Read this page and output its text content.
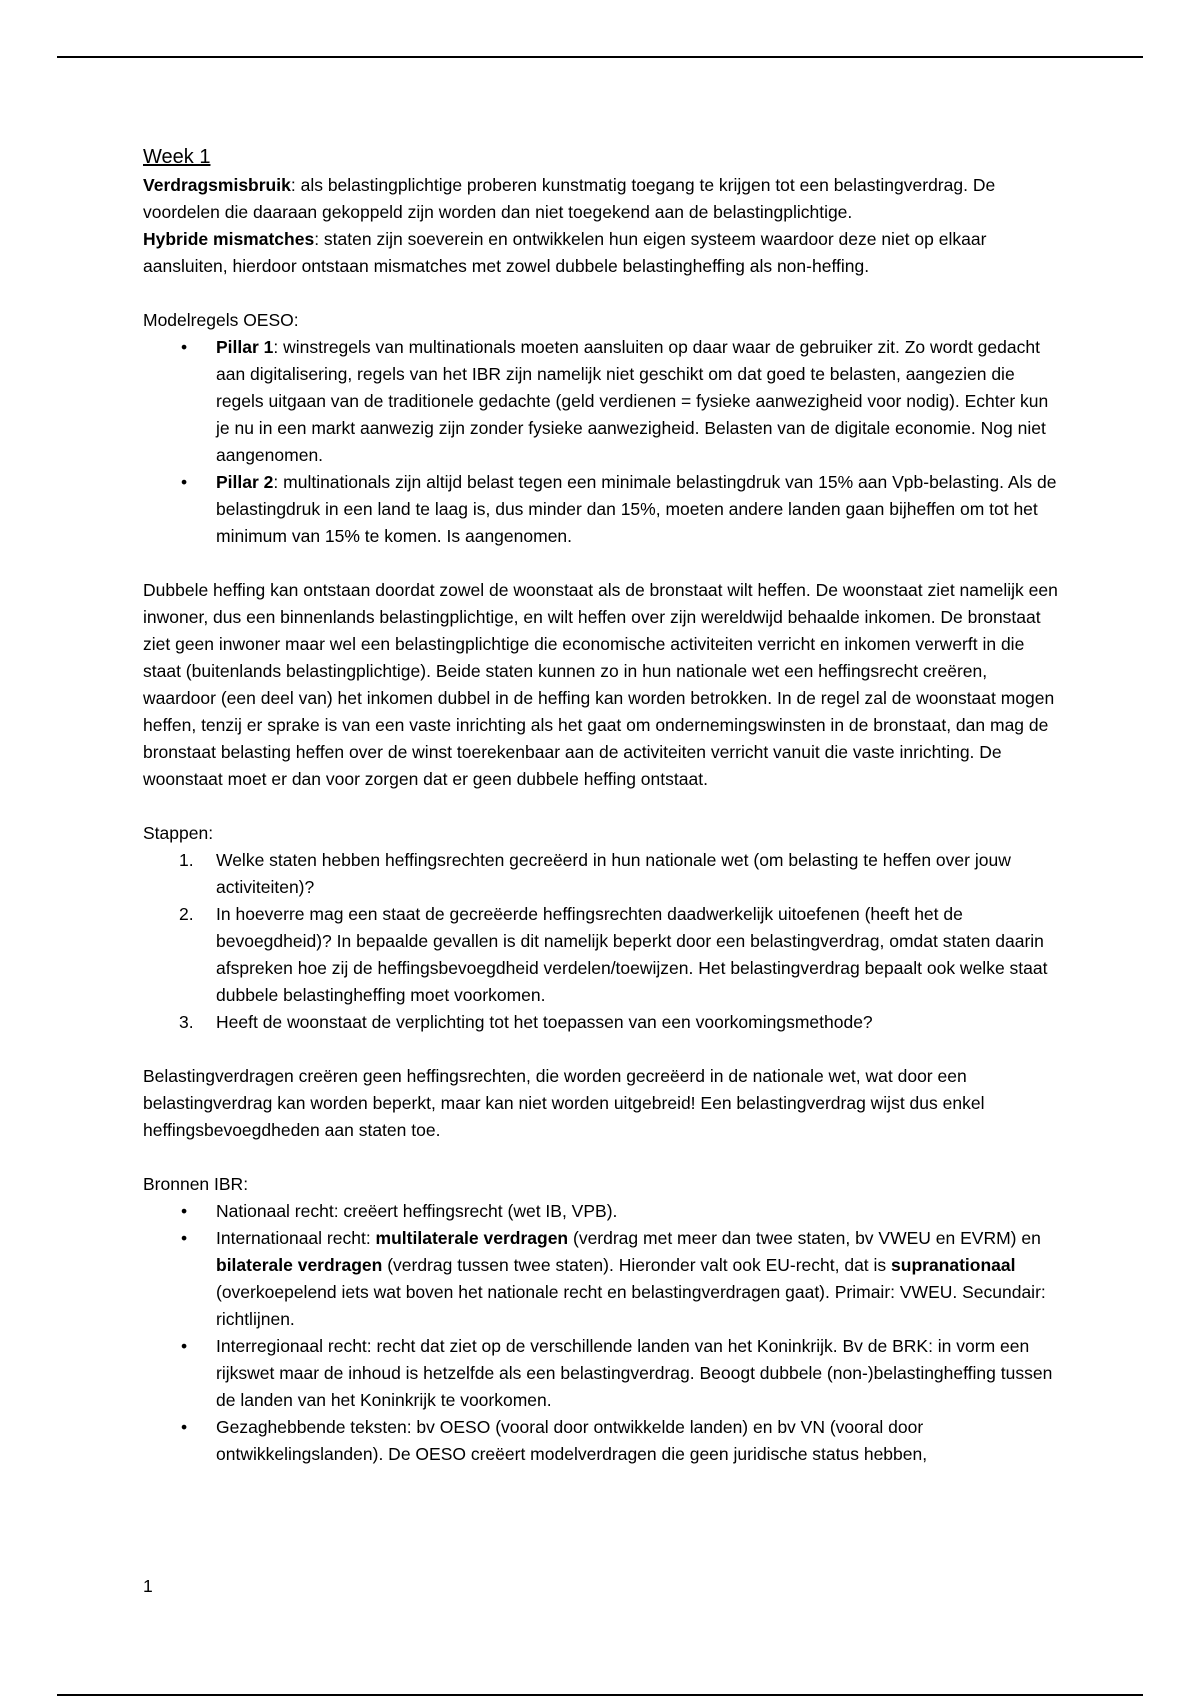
Week 1

Verdragsmisbruik: als belastingplichtige proberen kunstmatig toegang te krijgen tot een belastingverdrag. De voordelen die daaraan gekoppeld zijn worden dan niet toegekend aan de belastingplichtige.

Hybride mismatches: staten zijn soeverein en ontwikkelen hun eigen systeem waardoor deze niet op elkaar aansluiten, hierdoor ontstaan mismatches met zowel dubbele belastingheffing als non-heffing.

Modelregels OESO:

• Pillar 1: winstregels van multinationals moeten aansluiten op daar waar de gebruiker zit. Zo wordt gedacht aan digitalisering, regels van het IBR zijn namelijk niet geschikt om dat goed te belasten, aangezien die regels uitgaan van de traditionele gedachte (geld verdienen = fysieke aanwezigheid voor nodig). Echter kun je nu in een markt aanwezig zijn zonder fysieke aanwezigheid. Belasten van de digitale economie. Nog niet aangenomen.
• Pillar 2: multinationals zijn altijd belast tegen een minimale belastingdruk van 15% aan Vpb-belasting. Als de belastingdruk in een land te laag is, dus minder dan 15%, moeten andere landen gaan bijheffen om tot het minimum van 15% te komen. Is aangenomen.

Dubbele heffing kan ontstaan doordat zowel de woonstaat als de bronstaat wilt heffen. De woonstaat ziet namelijk een inwoner, dus een binnenlands belastingplichtige, en wilt heffen over zijn wereldwijd behaalde inkomen. De bronstaat ziet geen inwoner maar wel een belastingplichtige die economische activiteiten verricht en inkomen verwerft in die staat (buitenlands belastingplichtige). Beide staten kunnen zo in hun nationale wet een heffingsrecht creëren, waardoor (een deel van) het inkomen dubbel in de heffing kan worden betrokken. In de regel zal de woonstaat mogen heffen, tenzij er sprake is van een vaste inrichting als het gaat om ondernemingswinsten in de bronstaat, dan mag de bronstaat belasting heffen over de winst toerekenbaar aan de activiteiten verricht vanuit die vaste inrichting. De woonstaat moet er dan voor zorgen dat er geen dubbele heffing ontstaat.

Stappen:

1. Welke staten hebben heffingsrechten gecreëerd in hun nationale wet (om belasting te heffen over jouw activiteiten)?
2. In hoeverre mag een staat de gecreëerde heffingsrechten daadwerkelijk uitoefenen (heeft het de bevoegdheid)? In bepaalde gevallen is dit namelijk beperkt door een belastingverdrag, omdat staten daarin afspreken hoe zij de heffingsbevoegdheid verdelen/toewijzen. Het belastingverdrag bepaalt ook welke staat dubbele belastingheffing moet voorkomen.
3. Heeft de woonstaat de verplichting tot het toepassen van een voorkomingsmethode?

Belastingverdragen creëren geen heffingsrechten, die worden gecreëerd in de nationale wet, wat door een belastingverdrag kan worden beperkt, maar kan niet worden uitgebreid! Een belastingverdrag wijst dus enkel heffingsbevoegdheden aan staten toe.

Bronnen IBR:

• Nationaal recht: creëert heffingsrecht (wet IB, VPB).
• Internationaal recht: multilaterale verdragen (verdrag met meer dan twee staten, bv VWEU en EVRM) en bilaterale verdragen (verdrag tussen twee staten). Hieronder valt ook EU-recht, dat is supranationaal (overkoepelend iets wat boven het nationale recht en belastingverdragen gaat). Primair: VWEU. Secundair: richtlijnen.
• Interregionaal recht: recht dat ziet op de verschillende landen van het Koninkrijk. Bv de BRK: in vorm een rijkswet maar de inhoud is hetzelfde als een belastingverdrag. Beoogt dubbele (non-)belastingheffing tussen de landen van het Koninkrijk te voorkomen.
• Gezaghebbende teksten: bv OESO (vooral door ontwikkelde landen) en bv VN (vooral door ontwikkelingslanden). De OESO creëert modelverdragen die geen juridische status hebben,
1
